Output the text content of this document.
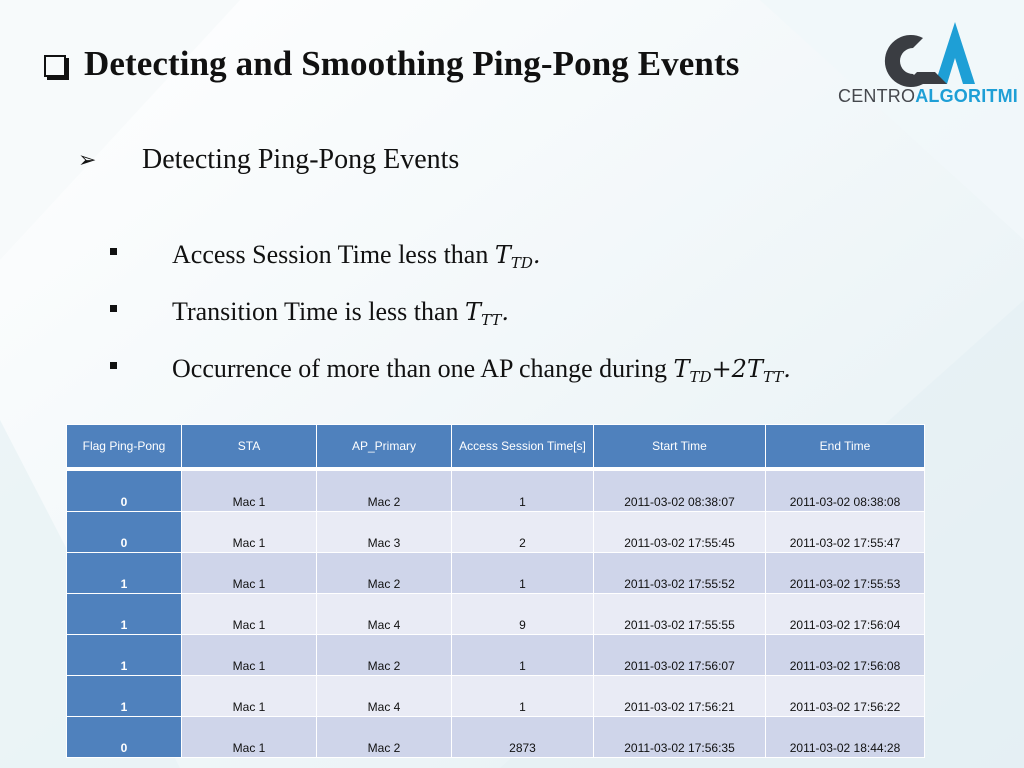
Detecting and Smoothing Ping-Pong Events
CENTROALGORITMI
➢	Detecting Ping-Pong Events
Access Session Time less than $T_{TD}$.
Transition Time is less than $T_{TT}$.
Occurrence of more than one AP change during $T_{TD}+2T_{TT}$.
Flag Ping-Pong	STA	AP_Primary	Access Session Time[s]	Start Time	End Time

0	Mac 1	Mac 2	1	2011-03-02 08:38:07	2011-03-02 08:38:08
0	Mac 1	Mac 3	2	2011-03-02 17:55:45	2011-03-02 17:55:47
1	Mac 1	Mac 2	1	2011-03-02 17:55:52	2011-03-02 17:55:53
1	Mac 1	Mac 4	9	2011-03-02 17:55:55	2011-03-02 17:56:04
1	Mac 1	Mac 2	1	2011-03-02 17:56:07	2011-03-02 17:56:08
1	Mac 1	Mac 4	1	2011-03-02 17:56:21	2011-03-02 17:56:22
0	Mac 1	Mac 2	2873	2011-03-02 17:56:35	2011-03-02 18:44:28
